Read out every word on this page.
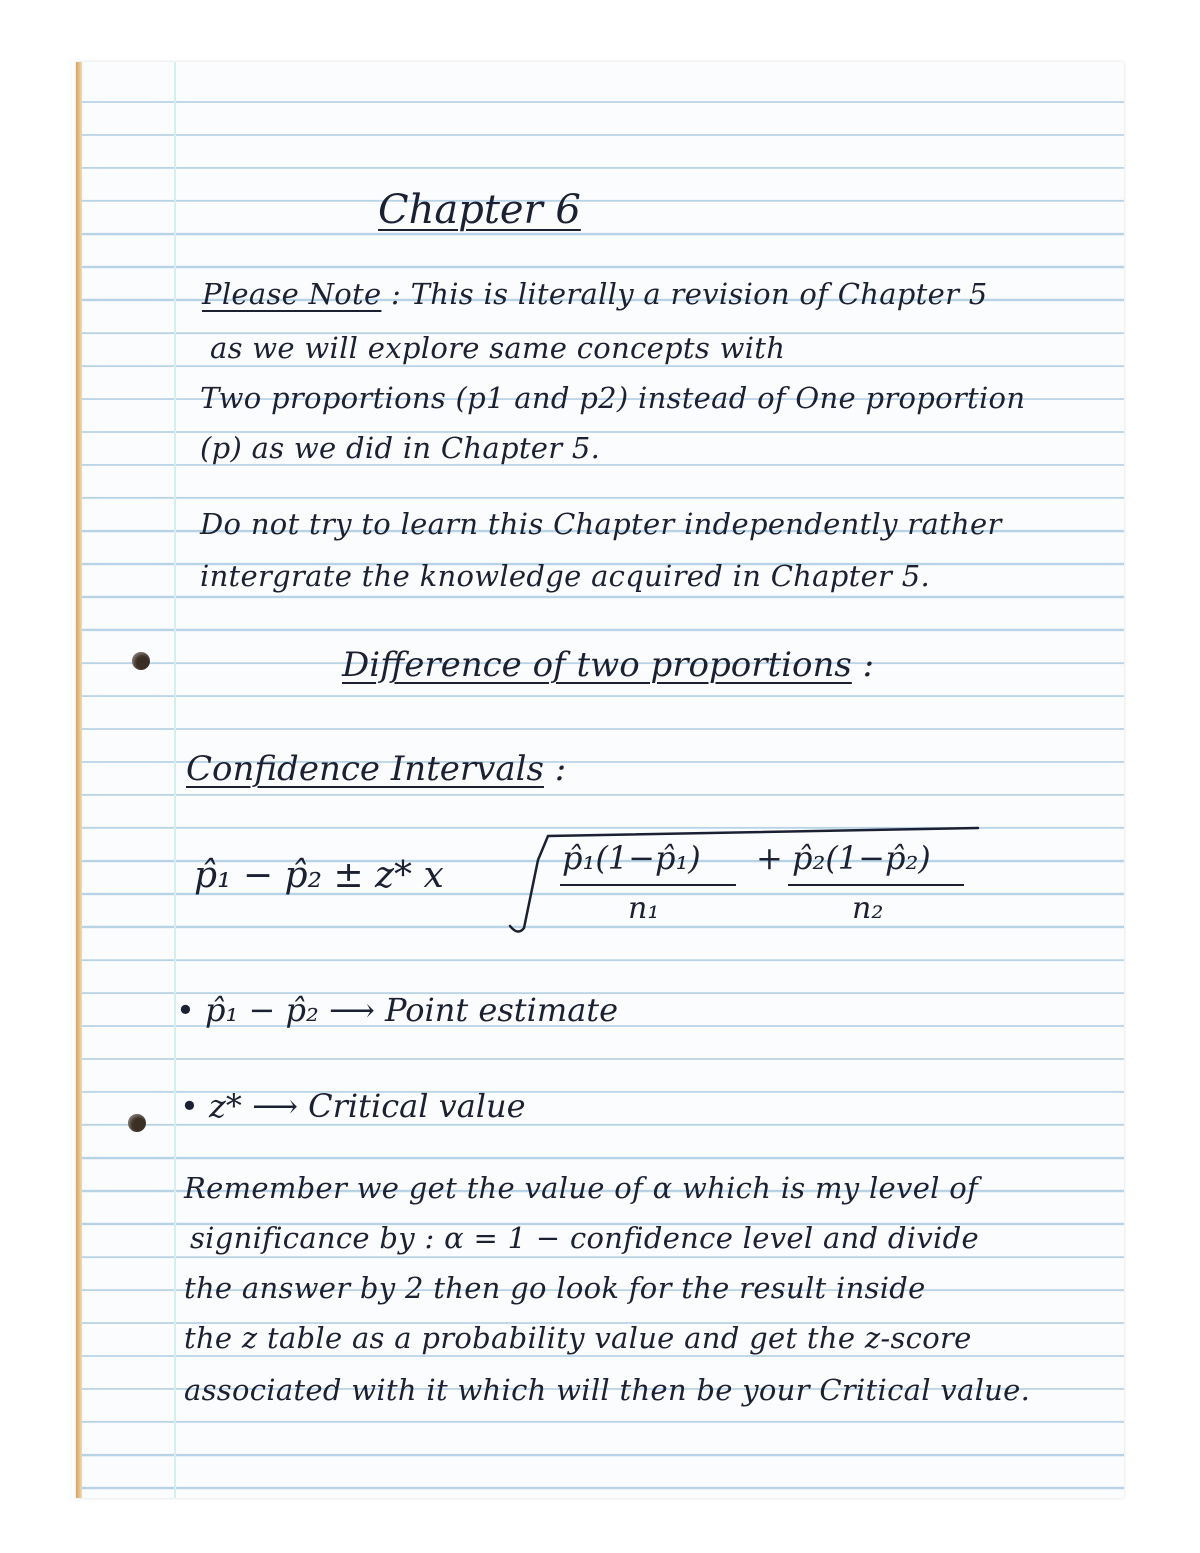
Chapter 6
Please Note : This is literally a revision of Chapter 5
as we will explore same concepts with
Two proportions (p1 and p2) instead of One proportion
(p) as we did in Chapter 5.
Do not try to learn this Chapter independently rather
intergrate the knowledge acquired in Chapter 5.
Difference of two proportions :
Confidence Intervals :
p̂₁ − p̂₂ ± z* x	p̂₁(1−p̂₁) + p̂₂(1−p̂₂)
n₁	n₂
• p̂₁ − p̂₂ ⟶ Point estimate
• z* ⟶ Critical value
Remember we get the value of α which is my level of
significance by : α = 1 − confidence level and divide
the answer by 2 then go look for the result inside
the z table as a probability value and get the z-score
associated with it which will then be your Critical value.
